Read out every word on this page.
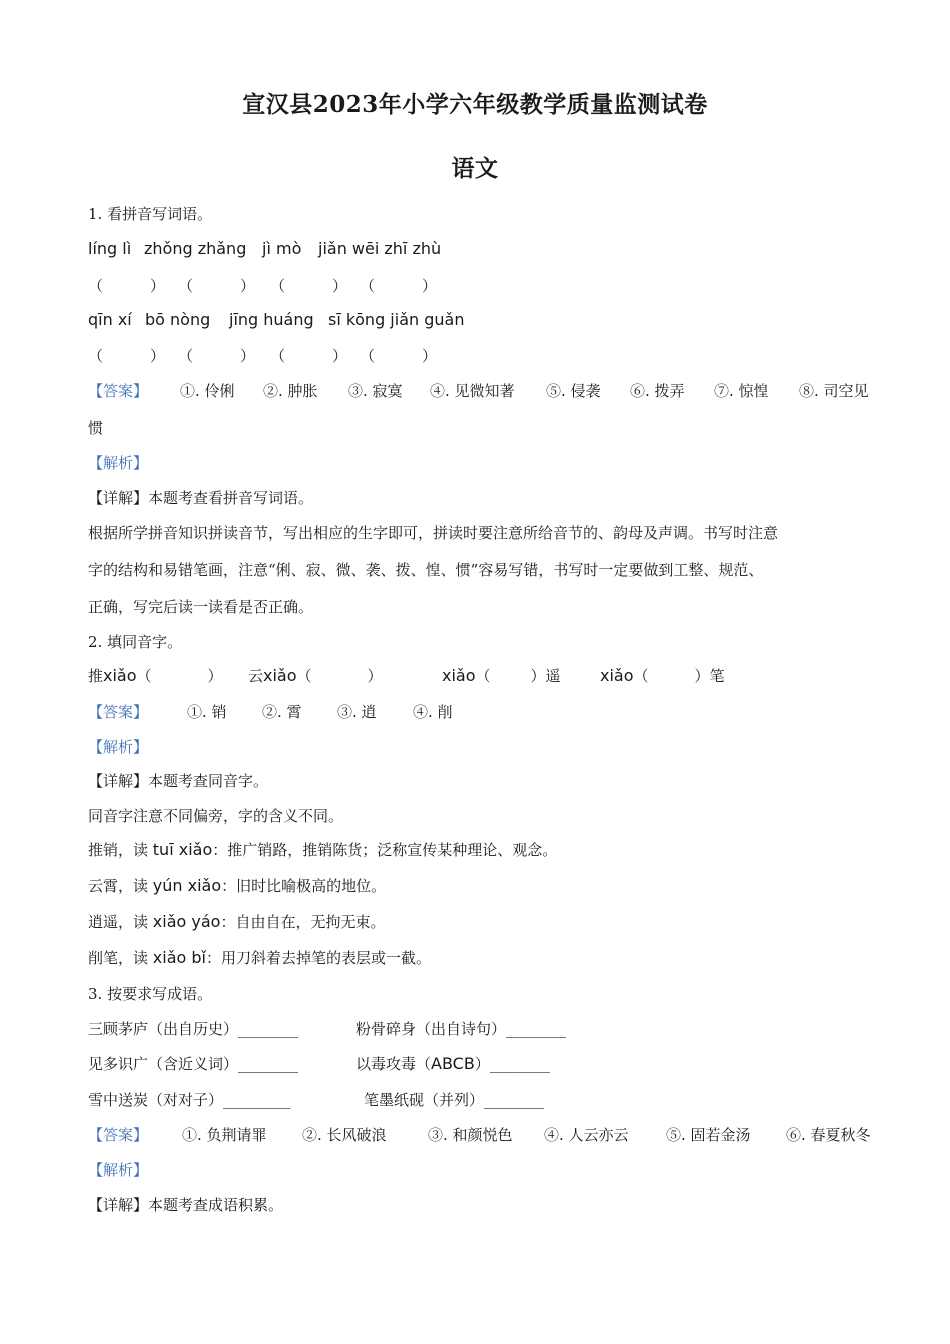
宣汉县2023年小学六年级教学质量监测试卷
语文
1. 看拼音写词语。
líng lì zhǒng zhǎng jì mò jiǎn wēi zhī zhù
（	） （	） （	） （	）
qīn xí bō nòng jīng huáng sī kōng jiǎn guǎn
（	） （	） （	） （	）
【答案】 ①. 伶俐 ②. 肿胀 ③. 寂寞 ④. 见微知著 ⑤. 侵袭 ⑥. 拨弄 ⑦. 惊惶 ⑧. 司空见
惯
【解析】
【详解】本题考查看拼音写词语。
根据所学拼音知识拼读音节，写出相应的生字即可，拼读时要注意所给音节的、韵母及声调。书写时注意
字的结构和易错笔画，注意“俐、寂、微、袭、拨、惶、惯”容易写错，书写时一定要做到工整、规范、
正确，写完后读一读看是否正确。
2. 填同音字。
推xiǎo（	） 云xiǎo（	）	xiǎo（	）遥 xiǎo（	）笔
【答案】	①. 销 ②. 霄 ③. 逍 ④. 削
【解析】
【详解】本题考查同音字。
同音字注意不同偏旁，字的含义不同。
推销，读 tuī xiǎo：推广销路，推销陈货；泛称宣传某种理论、观念。
云霄，读 yún xiǎo：旧时比喻极高的地位。
逍遥，读 xiǎo yáo：自由自在，无拘无束。
削笔，读 xiǎo bǐ：用刀斜着去掉笔的表层或一截。
3. 按要求写成语。
三顾茅庐（出自历史）________	粉骨碎身（出自诗句）________
见多识广（含近义词）________	以毒攻毒（ABCB）________
雪中送炭（对对子）_________	笔墨纸砚（并列）________
【答案】 ①. 负荆请罪 ②. 长风破浪	③. 和颜悦色 ④. 人云亦云 ⑤. 固若金汤 ⑥. 春夏秋冬
【解析】
【详解】本题考查成语积累。
